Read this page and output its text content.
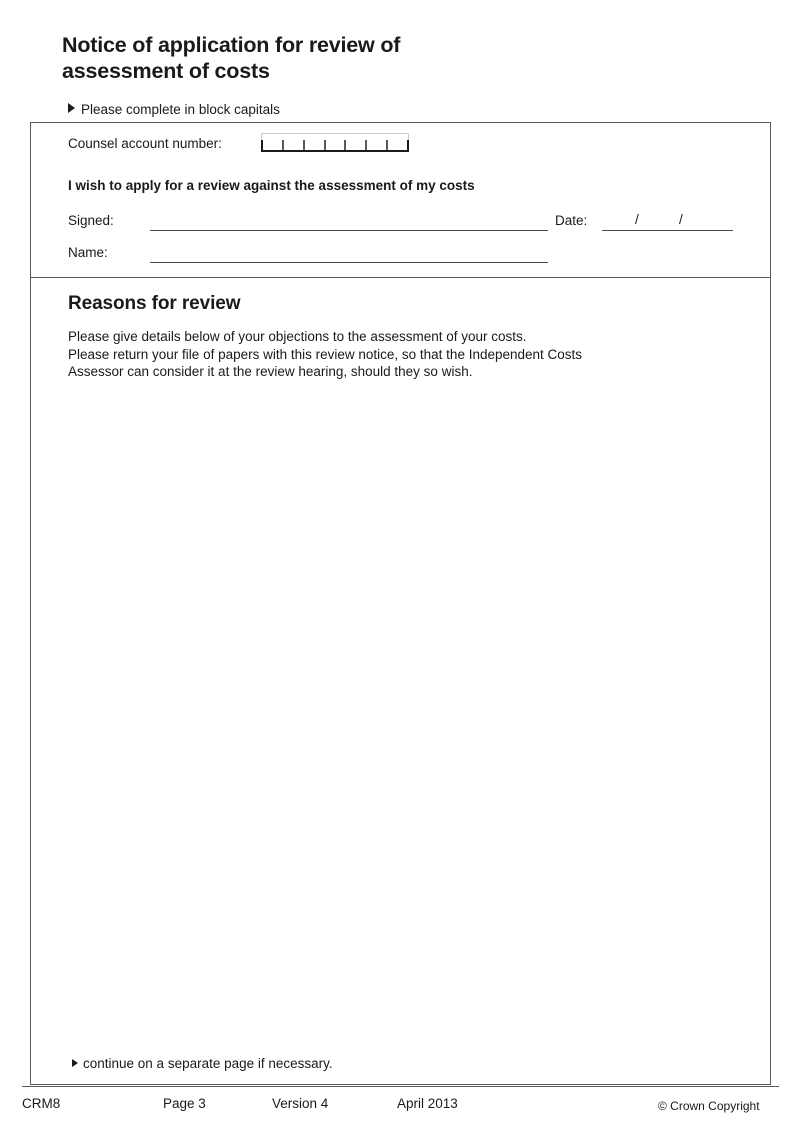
Notice of application for review of
assessment of costs
Please complete in block capitals
Counsel account number:
I wish to apply for a review against the assessment of my costs
Signed:
Name:
Date:	/	/
Reasons for review
Please give details below of your objections to the assessment of your costs.
Please return your file of papers with this review notice, so that the Independent Costs
Assessor can consider it at the review hearing, should they so wish.
continue on a separate page if necessary.
CRM8	Page 3	Version 4	April 2013	© Crown Copyright
